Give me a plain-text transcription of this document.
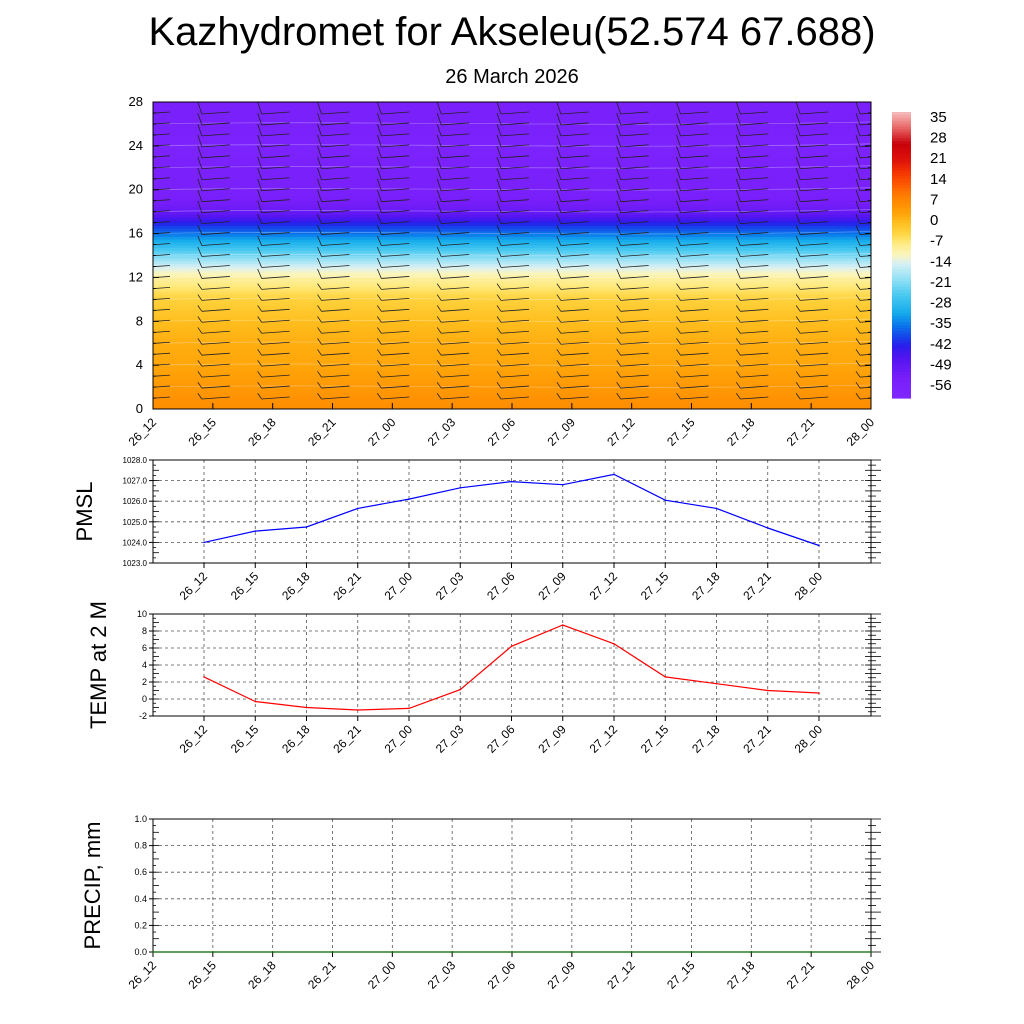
Kazhydromet for Akseleu(52.574 67.688)
26 March 2026
0
4
8
12
16
20
24
28
26_12 26_15 26_18 26_21 27_00 27_03 27_06 27_09 27_12 27_15 27_18 27_21 28_00
35
28
21
14
7
0
-7
-14
-21
-28
-35
-42
-49
-56
1023.0
1024.0
1025.0
1026.0
1027.0
1028.0
26_12 26_15 26_18 26_21 27_00 27_03 27_06 27_09 27_12 27_15 27_18 27_21 28_00
PMSL
-2
0
2
4
6
8
10
26_12 26_15 26_18 26_21 27_00 27_03 27_06 27_09 27_12 27_15 27_18 27_21 28_00
TEMP at 2 M
0.0
0.2
0.4
0.6
0.8
1.0
26_12 26_15 26_18 26_21 27_00 27_03 27_06 27_09 27_12 27_15 27_18 27_21 28_00
PRECIP, mm
